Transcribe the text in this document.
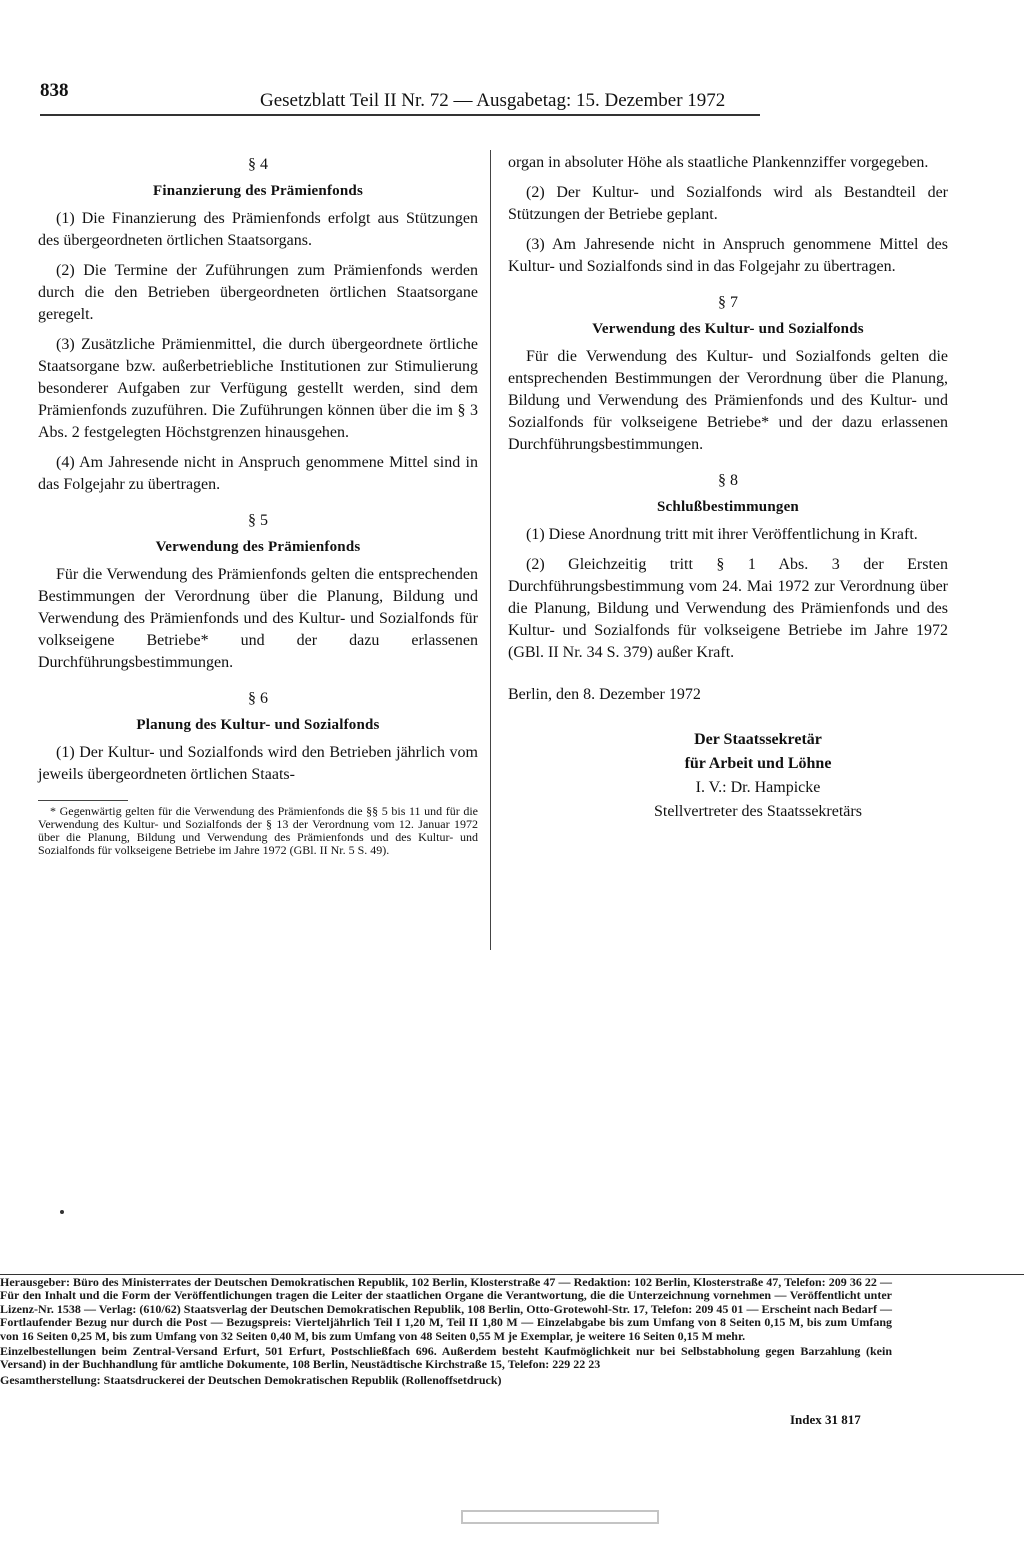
838	Gesetzblatt Teil II Nr. 72 — Ausgabetag: 15. Dezember 1972
§ 4
Finanzierung des Prämienfonds

(1) Die Finanzierung des Prämienfonds erfolgt aus Stützungen des übergeordneten örtlichen Staatsorgans.

(2) Die Termine der Zuführungen zum Prämienfonds werden durch die den Betrieben übergeordneten örtlichen Staatsorgane geregelt.

(3) Zusätzliche Prämienmittel, die durch übergeordnete örtliche Staatsorgane bzw. außerbetriebliche Institutionen zur Stimulierung besonderer Aufgaben zur Verfügung gestellt werden, sind dem Prämienfonds zuzuführen. Die Zuführungen können über die im § 3 Abs. 2 festgelegten Höchstgrenzen hinausgehen.

(4) Am Jahresende nicht in Anspruch genommene Mittel sind in das Folgejahr zu übertragen.

§ 5
Verwendung des Prämienfonds

Für die Verwendung des Prämienfonds gelten die entsprechenden Bestimmungen der Verordnung über die Planung, Bildung und Verwendung des Prämienfonds und des Kultur- und Sozialfonds für volkseigene Betriebe* und der dazu erlassenen Durchführungsbestimmungen.

§ 6
Planung des Kultur- und Sozialfonds

(1) Der Kultur- und Sozialfonds wird den Betrieben jährlich vom jeweils übergeordneten örtlichen Staats-

* Gegenwärtig gelten für die Verwendung des Prämienfonds die §§ 5 bis 11 und für die Verwendung des Kultur- und Sozialfonds der § 13 der Verordnung vom 12. Januar 1972 über die Planung, Bildung und Verwendung des Prämienfonds und des Kultur- und Sozialfonds für volkseigene Betriebe im Jahre 1972 (GBl. II Nr. 5 S. 49).

organ in absoluter Höhe als staatliche Plankennziffer vorgegeben.

(2) Der Kultur- und Sozialfonds wird als Bestandteil der Stützungen der Betriebe geplant.

(3) Am Jahresende nicht in Anspruch genommene Mittel des Kultur- und Sozialfonds sind in das Folgejahr zu übertragen.

§ 7
Verwendung des Kultur- und Sozialfonds

Für die Verwendung des Kultur- und Sozialfonds gelten die entsprechenden Bestimmungen der Verordnung über die Planung, Bildung und Verwendung des Prämienfonds und des Kultur- und Sozialfonds für volkseigene Betriebe* und der dazu erlassenen Durchführungsbestimmungen.

§ 8
Schlußbestimmungen

(1) Diese Anordnung tritt mit ihrer Veröffentlichung in Kraft.

(2) Gleichzeitig tritt § 1 Abs. 3 der Ersten Durchführungsbestimmung vom 24. Mai 1972 zur Verordnung über die Planung, Bildung und Verwendung des Prämienfonds und des Kultur- und Sozialfonds für volkseigene Betriebe im Jahre 1972 (GBl. II Nr. 34 S. 379) außer Kraft.

Berlin, den 8. Dezember 1972

Der Staatssekretär
für Arbeit und Löhne
I. V.: Dr. Hampicke
Stellvertreter des Staatssekretärs

Herausgeber: Büro des Ministerrates der Deutschen Demokratischen Republik, 102 Berlin, Klosterstraße 47 — Redaktion: 102 Berlin, Klosterstraße 47, Telefon: 209 36 22 — Für den Inhalt und die Form der Veröffentlichungen tragen die Leiter der staatlichen Organe die Verantwortung, die die Unterzeichnung vornehmen — Veröffentlicht unter Lizenz-Nr. 1538 — Verlag: (610/62) Staatsverlag der Deutschen Demokratischen Republik, 108 Berlin, Otto-Grotewohl-Str. 17, Telefon: 209 45 01 — Erscheint nach Bedarf — Fortlaufender Bezug nur durch die Post — Bezugspreis: Vierteljährlich Teil I 1,20 M, Teil II 1,80 M — Einzelabgabe bis zum Umfang von 8 Seiten 0,15 M, bis zum Umfang von 16 Seiten 0,25 M, bis zum Umfang von 32 Seiten 0,40 M, bis zum Umfang von 48 Seiten 0,55 M je Exemplar, je weitere 16 Seiten 0,15 M mehr.

Einzelbestellungen beim Zentral-Versand Erfurt, 501 Erfurt, Postschließfach 696. Außerdem besteht Kaufmöglichkeit nur bei Selbstabholung gegen Barzahlung (kein Versand) in der Buchhandlung für amtliche Dokumente, 108 Berlin, Neustädtische Kirchstraße 15, Telefon: 229 22 23

Gesamtherstellung: Staatsdruckerei der Deutschen Demokratischen Republik (Rollenoffsetdruck)

Index 31 817
